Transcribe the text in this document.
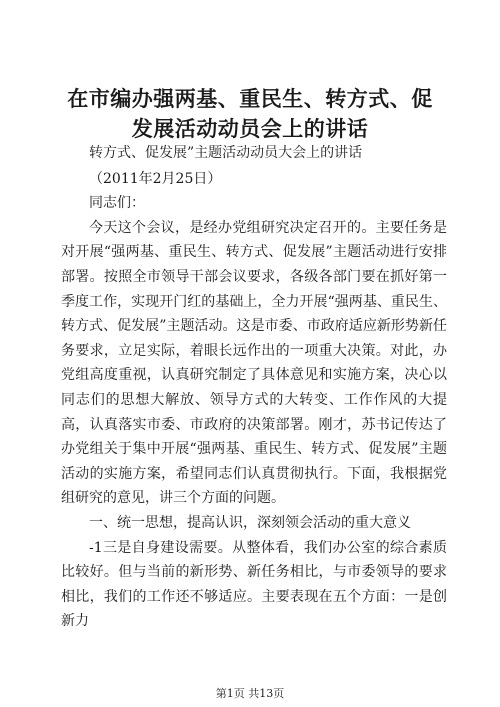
在市编办强两基、重民生、转方式、促发展活动动员会上的讲话

转方式、促发展”主题活动动员大会上的讲话

（2011年2月25日）

同志们：

今天这个会议，是经办党组研究决定召开的。主要任务是对开展“强两基、重民生、转方式、促发展”主题活动进行安排部署。按照全市领导干部会议要求，各级各部门要在抓好第一季度工作，实现开门红的基础上，全力开展“强两基、重民生、转方式、促发展”主题活动。这是市委、市政府适应新形势新任务要求，立足实际，着眼长远作出的一项重大决策。对此，办党组高度重视，认真研究制定了具体意见和实施方案，决心以同志们的思想大解放、领导方式的大转变、工作作风的大提高，认真落实市委、市政府的决策部署。刚才，苏书记传达了办党组关于集中开展“强两基、重民生、转方式、促发展”主题活动的实施方案，希望同志们认真贯彻执行。下面，我根据党组研究的意见，讲三个方面的问题。

一、统一思想，提高认识，深刻领会活动的重大意义

-1三是自身建设需要。从整体看，我们办公室的综合素质比较好。但与当前的新形势、新任务相比，与市委领导的要求相比，我们的工作还不够适应。主要表现在五个方面：一是创新力

第1页 共13页
